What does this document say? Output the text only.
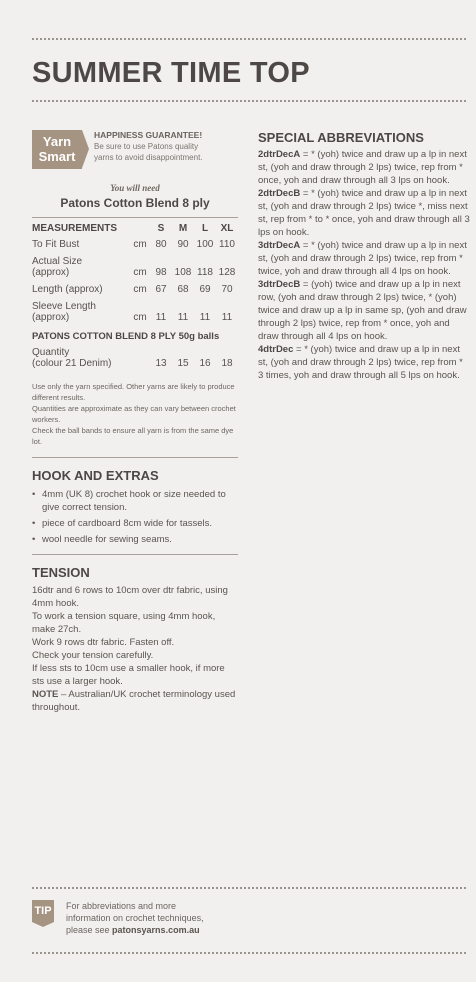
SUMMER TIME TOP
Yarn
Smart
HAPPINESS GUARANTEE!
Be sure to use Patons quality
yarns to avoid disappointment.
You will need
Patons Cotton Blend 8 ply
MEASUREMENTS		S	M	L	XL
To Fit Bust	cm	80	90	100	110
Actual Size
(approx)	cm	98	108	118	128
Length (approx)	cm	67	68	69	70
Sleeve Length
(approx)	cm	11	11	11	11
PATONS COTTON BLEND 8 PLY 50g balls
Quantity
(colour 21 Denim)	13	15	16	18
Use only the yarn specified. Other yarns are likely to produce different results.
Quantities are approximate as they can vary between crochet workers.
Check the ball bands to ensure all yarn is from the same dye lot.
HOOK AND EXTRAS
• 4mm (UK 8) crochet hook or size needed to give correct tension.
• piece of cardboard 8cm wide for tassels.
• wool needle for sewing seams.
TENSION

16dtr and 6 rows to 10cm over dtr fabric, using 4mm hook.

To work a tension square, using 4mm hook, make 27ch.

Work 9 rows dtr fabric. Fasten off.

Check your tension carefully.

If less sts to 10cm use a smaller hook, if more sts use a larger hook.

NOTE – Australian/UK crochet terminology used throughout.

SPECIAL ABBREVIATIONS

2dtrDecA = * (yoh) twice and draw up a lp in next st, (yoh and draw through 2 lps) twice, rep from * once, yoh and draw through all 3 lps on hook.

2dtrDecB = * (yoh) twice and draw up a lp in next st, (yoh and draw through 2 lps) twice *, miss next st, rep from * to * once, yoh and draw through all 3 lps on hook.

3dtrDecA = * (yoh) twice and draw up a lp in next st, (yoh and draw through 2 lps) twice, rep from * twice, yoh and draw through all 4 lps on hook.

3dtrDecB = (yoh) twice and draw up a lp in next row, (yoh and draw through 2 lps) twice, * (yoh) twice and draw up a lp in same sp, (yoh and draw through 2 lps) twice, rep from * once, yoh and draw through all 4 lps on hook.

4dtrDec = * (yoh) twice and draw up a lp in next st, (yoh and draw through 2 lps) twice, rep from * 3 times, yoh and draw through all 5 lps on hook.

TIP For abbreviations and more
information on crochet techniques,
please see patonsyarns.com.au
